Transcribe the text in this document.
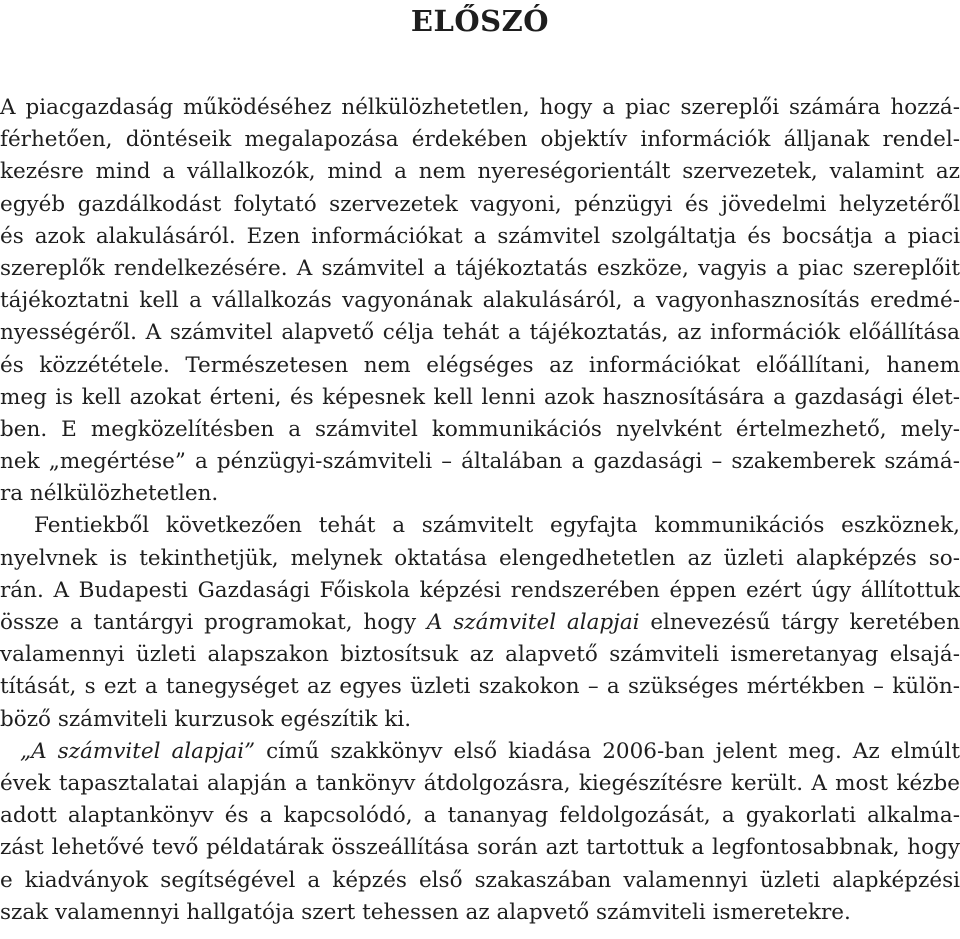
ELŐSZÓ
A piacgazdaság működéséhez nélkülözhetetlen, hogy a piac szereplői számára hozzá-
férhetően, döntéseik megalapozása érdekében objektív információk álljanak rendel-
kezésre mind a vállalkozók, mind a nem nyereségorientált szervezetek, valamint az
egyéb gazdálkodást folytató szervezetek vagyoni, pénzügyi és jövedelmi helyzetéről
és azok alakulásáról. Ezen információkat a számvitel szolgáltatja és bocsátja a piaci
szereplők rendelkezésére. A számvitel a tájékoztatás eszköze, vagyis a piac szereplőit
tájékoztatni kell a vállalkozás vagyonának alakulásáról, a vagyonhasznosítás eredmé-
nyességéről. A számvitel alapvető célja tehát a tájékoztatás, az információk előállítása
és közzététele. Természetesen nem elégséges az információkat előállítani, hanem
meg is kell azokat érteni, és képesnek kell lenni azok hasznosítására a gazdasági élet-
ben. E megközelítésben a számvitel kommunikációs nyelvként értelmezhető, mely-
nek „megértése” a pénzügyi-számviteli – általában a gazdasági – szakemberek számá-
ra nélkülözhetetlen.
Fentiekből következően tehát a számvitelt egyfajta kommunikációs eszköznek,
nyelvnek is tekinthetjük, melynek oktatása elengedhetetlen az üzleti alapképzés so-
rán. A Budapesti Gazdasági Főiskola képzési rendszerében éppen ezért úgy állítottuk
össze a tantárgyi programokat, hogy A számvitel alapjai elnevezésű tárgy keretében
valamennyi üzleti alapszakon biztosítsuk az alapvető számviteli ismeretanyag elsajá-
títását, s ezt a tanegységet az egyes üzleti szakokon – a szükséges mértékben – külön-
böző számviteli kurzusok egészítik ki.
„A számvitel alapjai” című szakkönyv első kiadása 2006-ban jelent meg. Az elmúlt
évek tapasztalatai alapján a tankönyv átdolgozásra, kiegészítésre került. A most kézbe
adott alaptankönyv és a kapcsolódó, a tananyag feldolgozását, a gyakorlati alkalma-
zást lehetővé tevő példatárak összeállítása során azt tartottuk a legfontosabbnak, hogy
e kiadványok segítségével a képzés első szakaszában valamennyi üzleti alapképzési
szak valamennyi hallgatója szert tehessen az alapvető számviteli ismeretekre.
